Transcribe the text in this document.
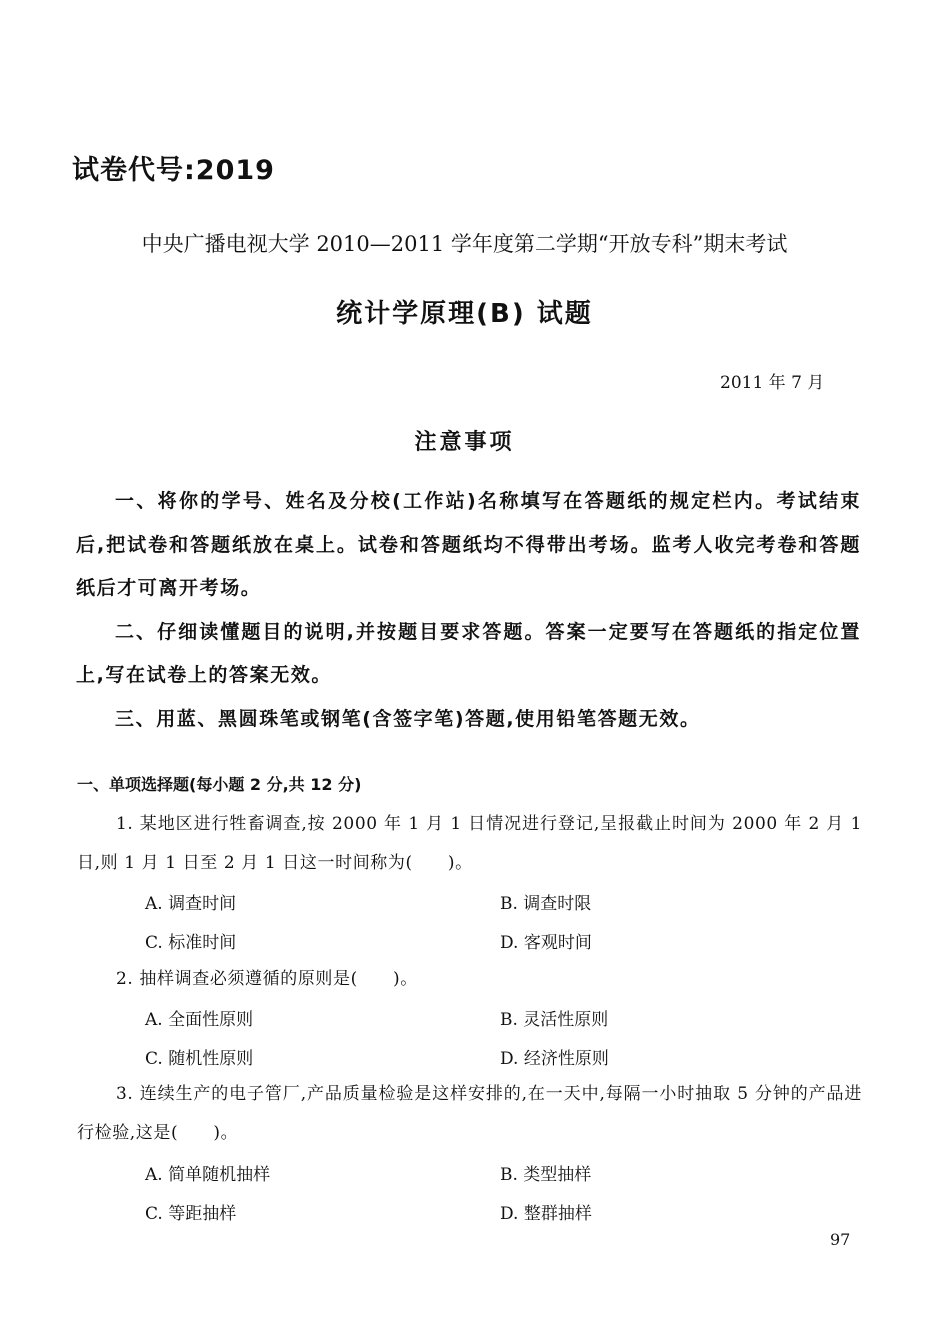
试卷代号:2019
中央广播电视大学 2010—2011 学年度第二学期“开放专科”期末考试
统计学原理(B) 试题
2011 年 7 月
注意事项

一、将你的学号、姓名及分校(工作站)名称填写在答题纸的规定栏内。考试结束后,把试卷和答题纸放在桌上。试卷和答题纸均不得带出考场。监考人收完考卷和答题纸后才可离开考场。

二、仔细读懂题目的说明,并按题目要求答题。答案一定要写在答题纸的指定位置上,写在试卷上的答案无效。

三、用蓝、黑圆珠笔或钢笔(含签字笔)答题,使用铅笔答题无效。

一、单项选择题(每小题 2 分,共 12 分)
1. 某地区进行牲畜调查,按 2000 年 1 月 1 日情况进行登记,呈报截止时间为 2000 年 2 月 1 日,则 1 月 1 日至 2 月 1 日这一时间称为(　　)。
A. 调查时间	B. 调查时限
C. 标准时间	D. 客观时间
2. 抽样调查必须遵循的原则是(　　)。
A. 全面性原则	B. 灵活性原则
C. 随机性原则	D. 经济性原则
3. 连续生产的电子管厂,产品质量检验是这样安排的,在一天中,每隔一小时抽取 5 分钟的产品进行检验,这是(　　)。
A. 简单随机抽样	B. 类型抽样
C. 等距抽样	D. 整群抽样
97
